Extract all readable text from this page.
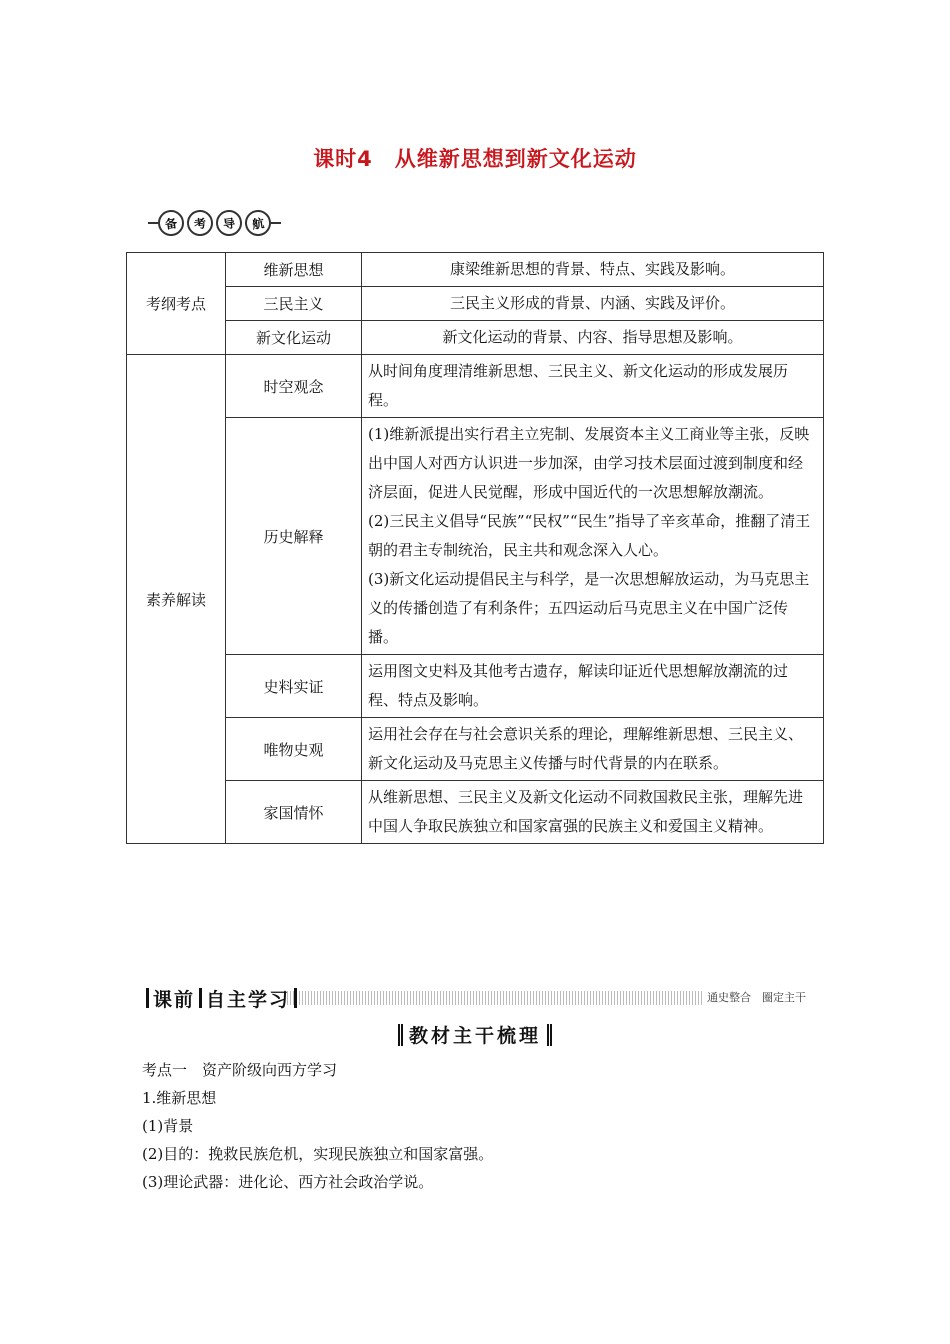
课时4　从维新思想到新文化运动
备	考	导	航
考纲考点	维新思想	康梁维新思想的背景、特点、实践及影响。
	三民主义	三民主义形成的背景、内涵、实践及评价。
	新文化运动	新文化运动的背景、内容、指导思想及影响。
素养解读	时空观念	从时间角度理清维新思想、三民主义、新文化运动的形成发展历程。
	历史解释	(1)维新派提出实行君主立宪制、发展资本主义工商业等主张，反映出中国人对西方认识进一步加深，由学习技术层面过渡到制度和经济层面，促进人民觉醒，形成中国近代的一次思想解放潮流。
(2)三民主义倡导“民族”“民权”“民生”指导了辛亥革命，推翻了清王朝的君主专制统治，民主共和观念深入人心。
(3)新文化运动提倡民主与科学，是一次思想解放运动，为马克思主义的传播创造了有利条件；五四运动后马克思主义在中国广泛传播。

	史料实证	运用图文史料及其他考古遗存，解读印证近代思想解放潮流的过程、特点及影响。
	唯物史观	运用社会存在与社会意识关系的理论，理解维新思想、三民主义、新文化运动及马克思主义传播与时代背景的内在联系。
	家国情怀	从维新思想、三民主义及新文化运动不同救国救民主张，理解先进中国人争取民族独立和国家富强的民族主义和爱国主义精神。
课前 自主学习	通史整合　圈定主干
教材主干梳理
考点一　资产阶级向西方学习
1.维新思想
(1)背景
(2)目的：挽救民族危机，实现民族独立和国家富强。
(3)理论武器：进化论、西方社会政治学说。
